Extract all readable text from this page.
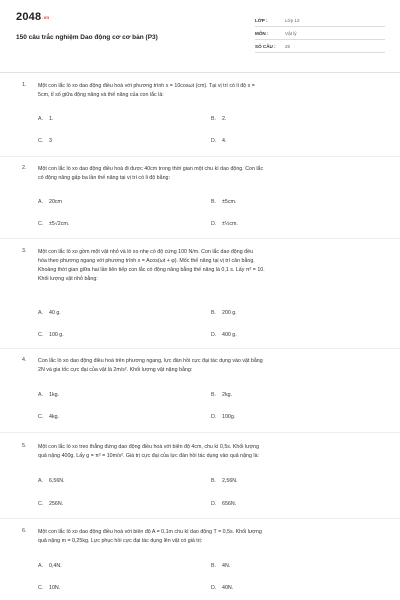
2048.vn
150 câu trắc nghiệm Dao động cơ cơ bản (P3)
LỚP :	Lớp 12
MÔN :	Vật lý
SỐ CÂU : 25
1. Một con lắc lò xo dao động điều hoà với phương trình x = 10cosωt (cm). Tại vị trí có li độ x =
5cm, tỉ số giữa động năng và thế năng của con lắc là:
A. 1.	B. 2.
C. 3	D. 4.
2. Một con lắc lò xo dao động điều hoà đi được 40cm trong thời gian một chu kì dao động. Con lắc
có động năng gấp ba lần thế năng tại vị trí có li độ bằng:
A. 20cm	B. ±5cm.
C. ±5√2cm.	D. ±½cm.
3. Một con lắc lò xo gồm một vật nhỏ và lò xo nhẹ có độ cứng 100 N/m. Con lắc dao động đều
hòa theo phương ngang với phương trình x = Acos(ωt + φ). Mốc thế năng tại vị trí cân bằng.
Khoảng thời gian giữa hai lần liên tiếp con lắc có động năng bằng thế năng là 0,1 s. Lấy π² = 10.
Khối lượng vật nhỏ bằng:
A. 40 g.	B. 200 g.
C. 100 g.	D. 400 g.
4. Con lắc lò xo dao động điều hoà trên phương ngang, lực đàn hồi cực đại tác dụng vào vật bằng
2N và gia tốc cực đại của vật là 2m/s². Khối lượng vật nặng bằng:
A. 1kg.	B. 2kg.
C. 4kg.	D. 100g.
5. Một con lắc lò xo treo thẳng đứng dao động điều hoà với biên độ 4cm, chu kì 0,5s. Khối lượng
quả nặng 400g. Lấy g = π² = 10m/s². Giá trị cực đại của lực đàn hồi tác dụng vào quả nặng là:
A. 6,56N.	B. 2,56N.
C. 256N.	D. 656N.
6. Một con lắc lò xo dao động điều hoà với biên độ A = 0,1m chu kì dao động T = 0,5s. Khối lượng
quả nặng m = 0,25kg. Lực phục hồi cực đại tác dụng lên vật có giá trị:
A. 0,4N.	B. 4N.
C. 10N.	D. 40N.
